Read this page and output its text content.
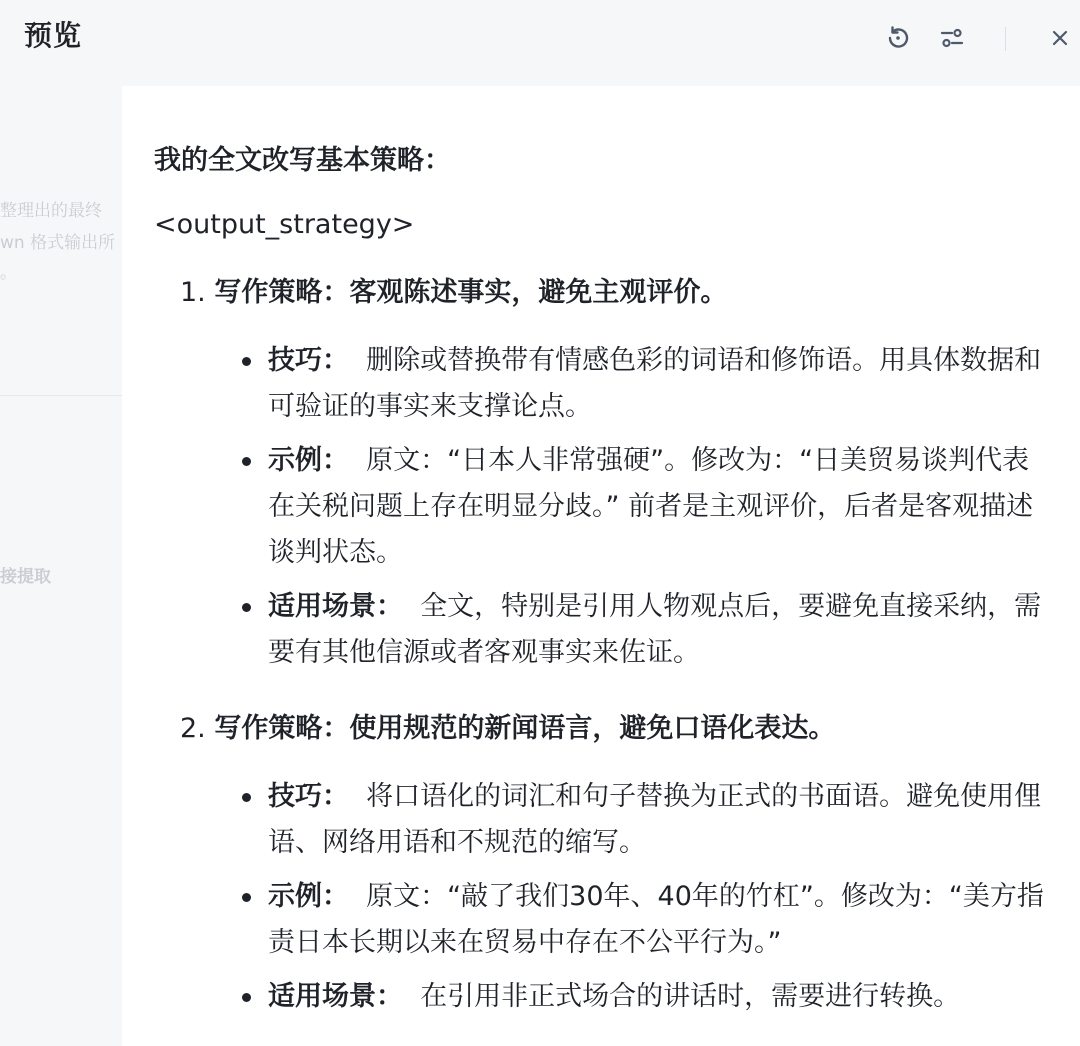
整理出的最终
wn 格式输出所
。
接提取
预览
我的全文改写基本策略：
<output_strategy>
1. 写作策略：客观陈述事实，避免主观评价。
技巧： 删除或替换带有情感色彩的词语和修饰语。用具体数据和可验证的事实来支撑论点。
示例： 原文：“日本人非常强硬”。修改为：“日美贸易谈判代表在关税问题上存在明显分歧。” 前者是主观评价，后者是客观描述谈判状态。
适用场景： 全文，特别是引用人物观点后，要避免直接采纳，需要有其他信源或者客观事实来佐证。
2. 写作策略：使用规范的新闻语言，避免口语化表达。
技巧： 将口语化的词汇和句子替换为正式的书面语。避免使用俚语、网络用语和不规范的缩写。
示例： 原文：“敲了我们30年、40年的竹杠”。修改为：“美方指责日本长期以来在贸易中存在不公平行为。”
适用场景： 在引用非正式场合的讲话时，需要进行转换。
